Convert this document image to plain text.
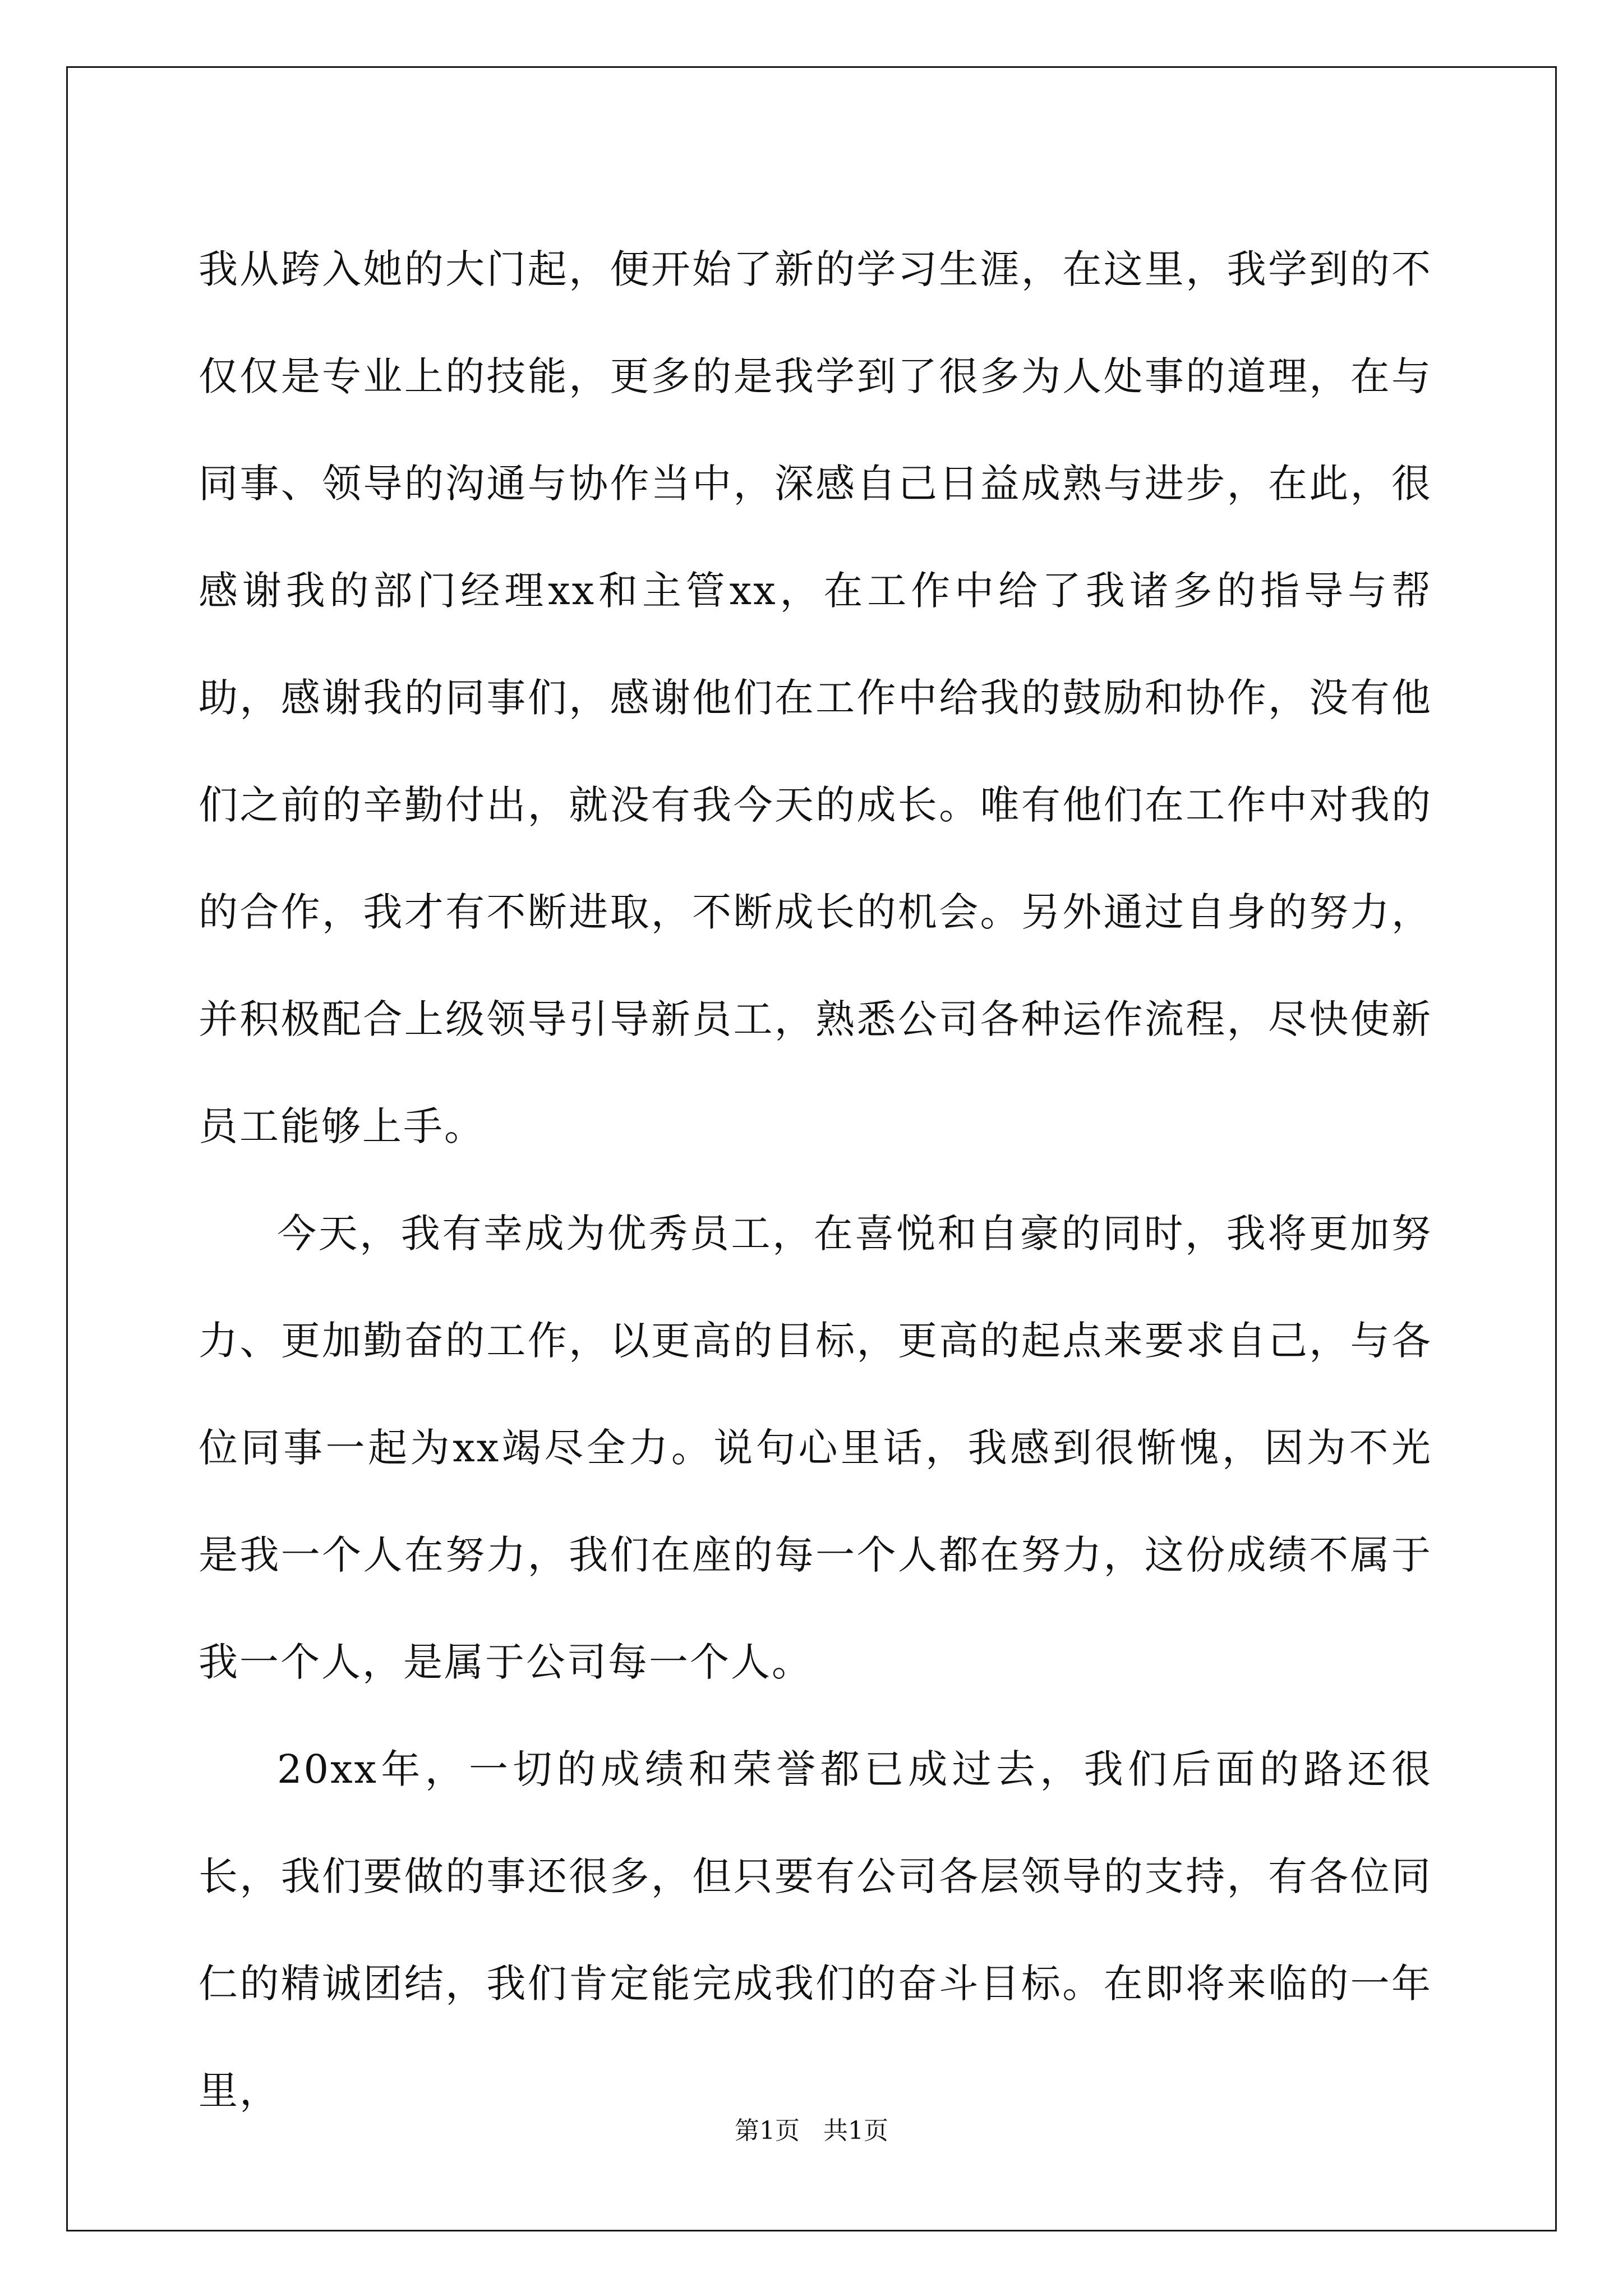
我从跨入她的大门起，便开始了新的学习生涯，在这里，我学到的不仅仅是专业上的技能，更多的是我学到了很多为人处事的道理，在与同事、领导的沟通与协作当中，深感自己日益成熟与进步，在此，很感谢我的部门经理xx和主管xx，在工作中给了我诸多的指导与帮助，感谢我的同事们，感谢他们在工作中给我的鼓励和协作，没有他们之前的辛勤付出，就没有我今天的成长。唯有他们在工作中对我的的合作，我才有不断进取，不断成长的机会。另外通过自身的努力，并积极配合上级领导引导新员工，熟悉公司各种运作流程，尽快使新员工能够上手。

今天，我有幸成为优秀员工，在喜悦和自豪的同时，我将更加努力、更加勤奋的工作，以更高的目标，更高的起点来要求自己，与各位同事一起为xx竭尽全力。说句心里话，我感到很惭愧，因为不光是我一个人在努力，我们在座的每一个人都在努力，这份成绩不属于我一个人，是属于公司每一个人。

20xx年，一切的成绩和荣誉都已成过去，我们后面的路还很长，我们要做的事还很多，但只要有公司各层领导的支持，有各位同仁的精诚团结，我们肯定能完成我们的奋斗目标。在即将来临的一年里，

第1页   共1页
